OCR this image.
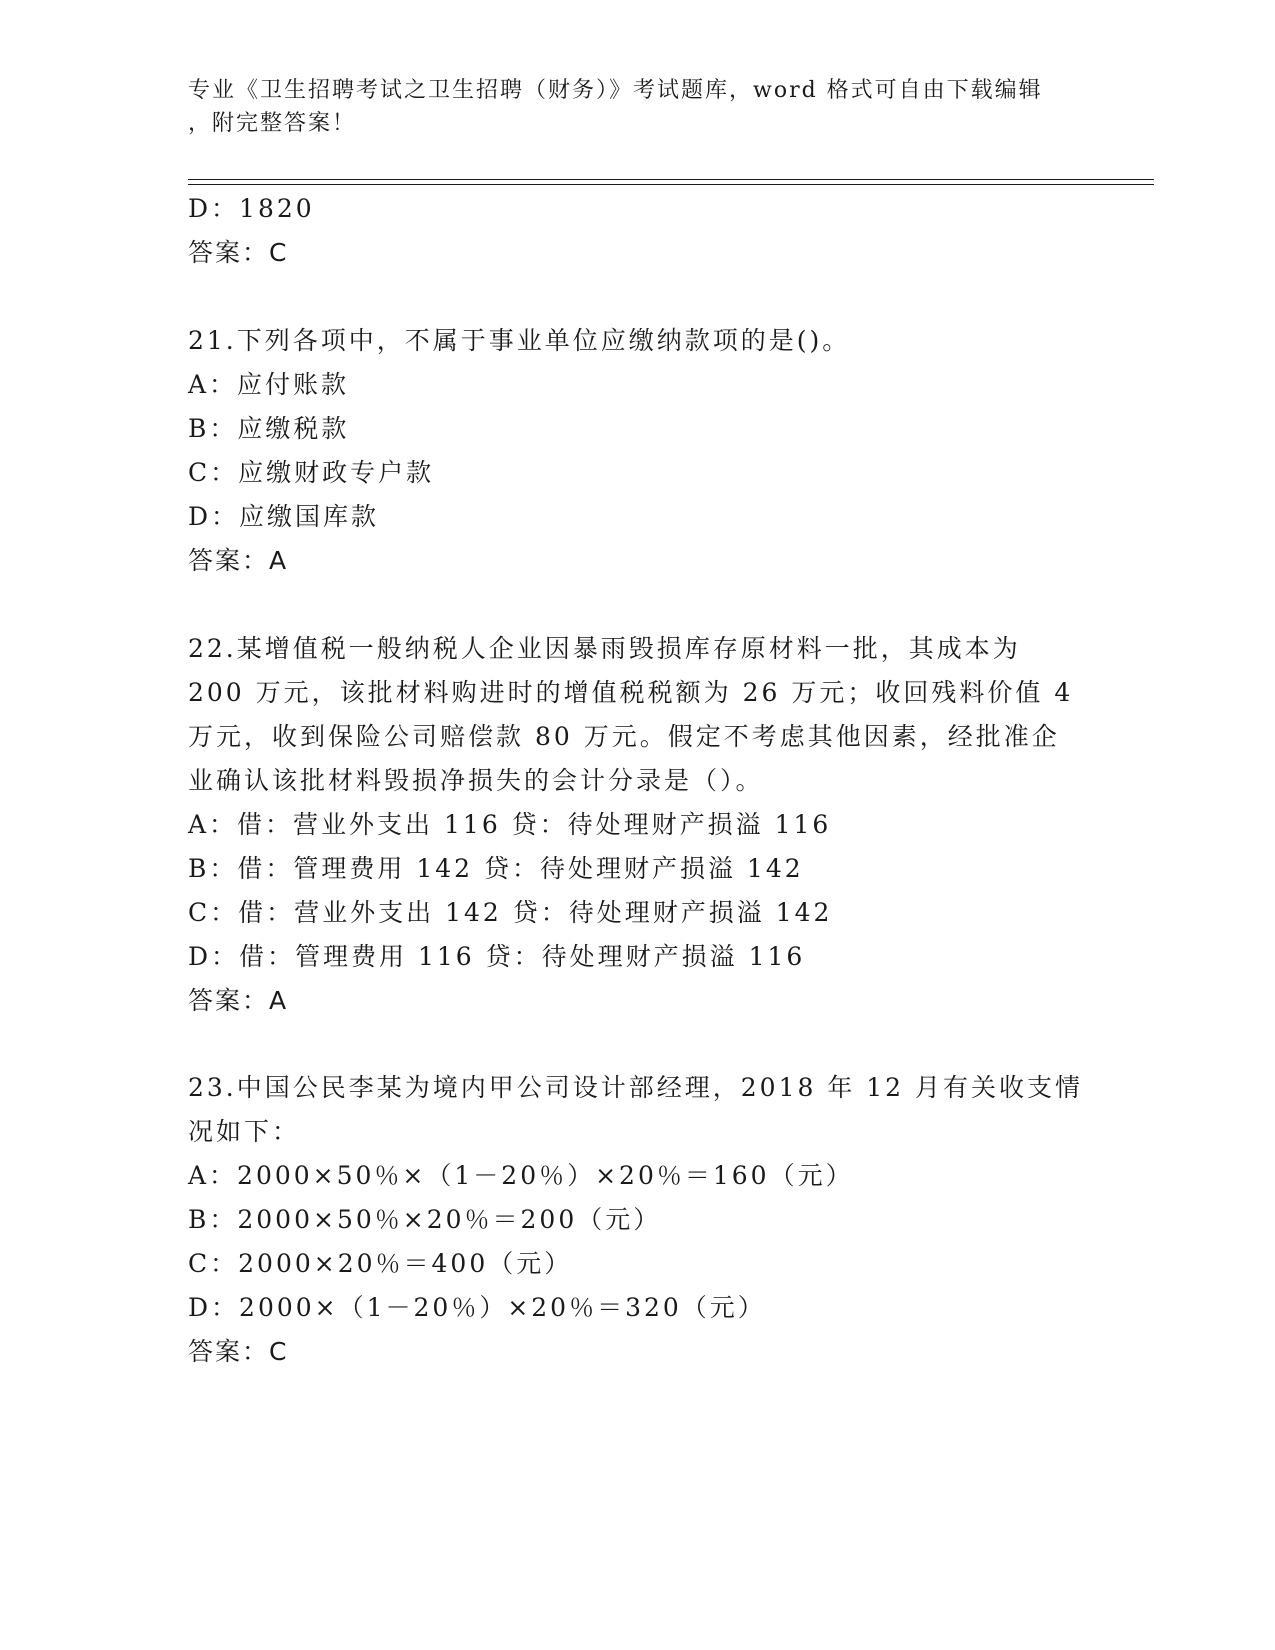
专业《卫生招聘考试之卫生招聘（财务）》考试题库，word 格式可自由下载编辑
，附完整答案！
D：1820
答案：C
21.下列各项中，不属于事业单位应缴纳款项的是()。
A：应付账款
B：应缴税款
C：应缴财政专户款
D：应缴国库款
答案：A
22.某增值税一般纳税人企业因暴雨毁损库存原材料一批，其成本为
200 万元，该批材料购进时的增值税税额为 26 万元；收回残料价值 4
万元，收到保险公司赔偿款 80 万元。假定不考虑其他因素，经批准企
业确认该批材料毁损净损失的会计分录是（）。
A：借：营业外支出 116 贷：待处理财产损溢 116
B：借：管理费用 142 贷：待处理财产损溢 142
C：借：营业外支出 142 贷：待处理财产损溢 142
D：借：管理费用 116 贷：待处理财产损溢 116
答案：A
23.中国公民李某为境内甲公司设计部经理，2018 年 12 月有关收支情
况如下：
A：2000×50％×（1－20％）×20％＝160（元）
B：2000×50％×20％＝200（元）
C：2000×20％＝400（元）
D：2000×（1－20％）×20％＝320（元）
答案：C
